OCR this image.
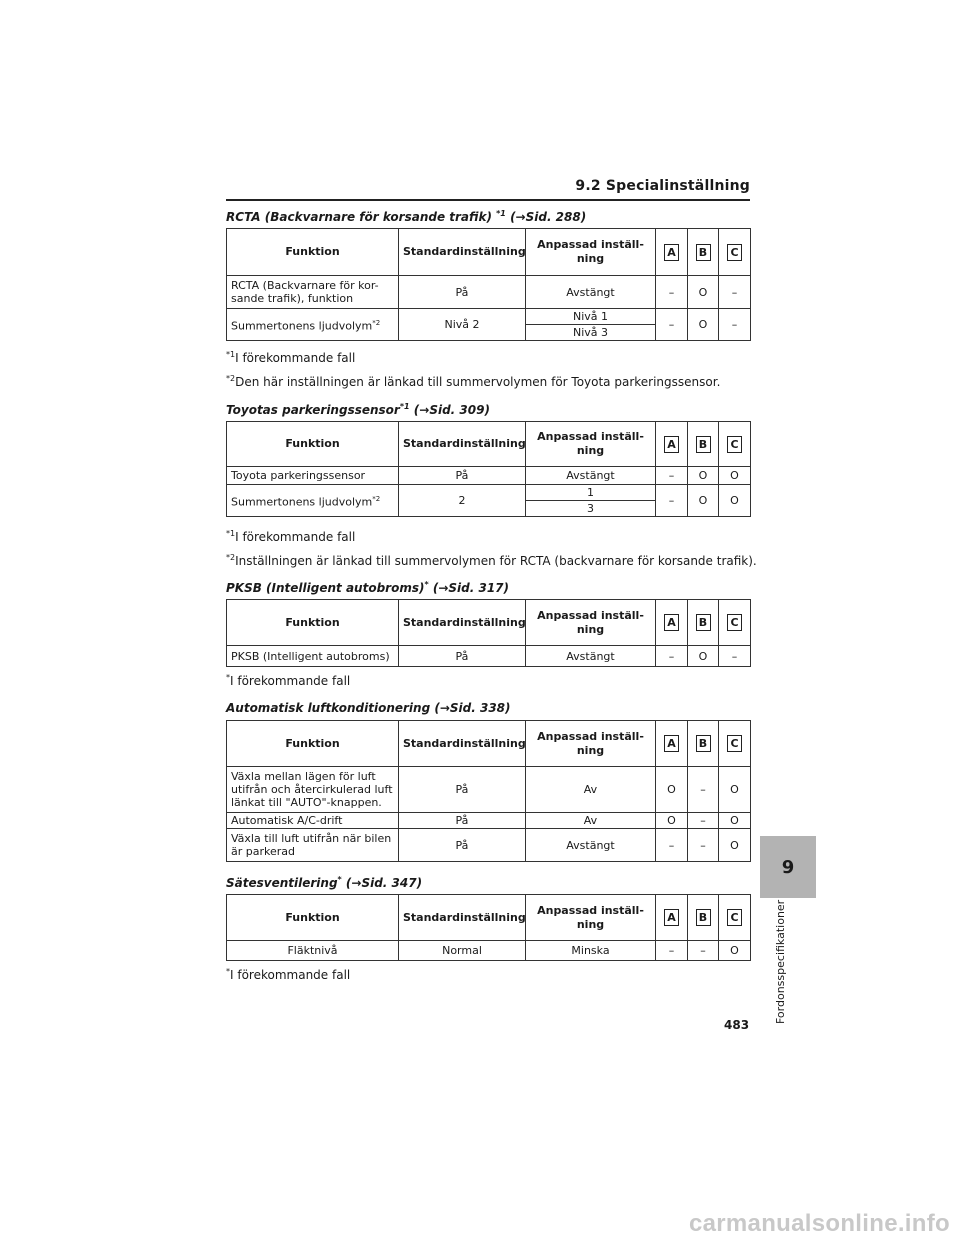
9.2 Specialinställning
RCTA (Backvarnare för korsande trafik) $^{*1}$ (→Sid. 288)
Funktion	Standardinställning	Anpassad inställ-ning	A	B	C
RCTA (Backvarnare för kor-sande trafik), funktion	På	Avstängt	–	O	–
Summertonens ljudvolym$^{*2}$	Nivå 2	Nivå 1	–	O	–
		Nivå 3			
$^{*1}$I förekommande fall
$^{*2}$Den här inställningen är länkad till summervolymen för Toyota parkeringssensor.
Toyotas parkeringssensor$^{*1}$ (→Sid. 309)
Funktion	Standardinställning	Anpassad inställ-ning	A	B	C
Toyota parkeringssensor	På	Avstängt	–	O	O
Summertonens ljudvolym$^{*2}$	2	1	–	O	O
		3			
$^{*1}$I förekommande fall
$^{*2}$Inställningen är länkad till summervolymen för RCTA (backvarnare för korsande trafik).
PKSB (Intelligent autobroms)* (→Sid. 317)
Funktion	Standardinställning	Anpassad inställ-ning	A	B	C
PKSB (Intelligent autobroms)	På	Avstängt	–	O	–
*I förekommande fall
Automatisk luftkonditionering (→Sid. 338)
Funktion	Standardinställning	Anpassad inställ-ning	A	B	C
Växla mellan lägen för luft utifrån och återcirkulerad luft länkat till "AUTO"-knappen.	På	Av	O	–	O
Automatisk A/C-drift	På	Av	O	–	O
Växla till luft utifrån när bilen är parkerad	På	Avstängt	–	–	O
Sätesventilering* (→Sid. 347)
Funktion	Standardinställning	Anpassad inställ-ning	A	B	C
Fläktnivå	Normal	Minska	–	–	O
*I förekommande fall
9
Fordonsspecifikationer
483
carmanualsonline.info
